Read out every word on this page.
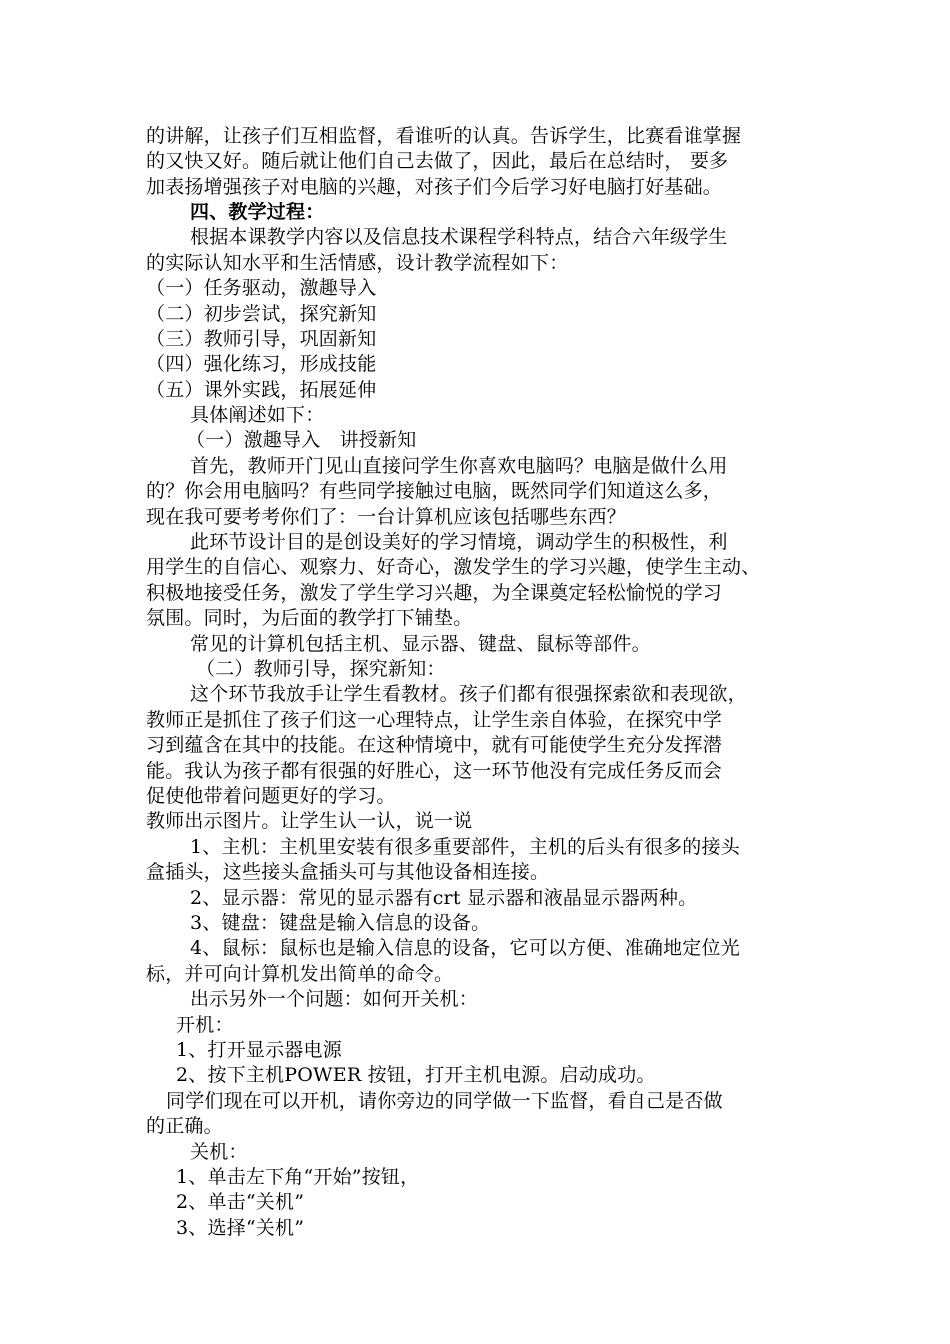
的讲解，让孩子们互相监督，看谁听的认真。告诉学生，比赛看谁掌握
的又快又好。随后就让他们自己去做了，因此，最后在总结时， 要多
加表扬增强孩子对电脑的兴趣，对孩子们今后学习好电脑打好基础。
四、教学过程：
根据本课教学内容以及信息技术课程学科特点，结合六年级学生
的实际认知水平和生活情感，设计教学流程如下：
（一）任务驱动，激趣导入
（二）初步尝试，探究新知
（三）教师引导，巩固新知
（四）强化练习，形成技能
（五）课外实践，拓展延伸
具体阐述如下：
（一）激趣导入　讲授新知
首先，教师开门见山直接问学生你喜欢电脑吗？电脑是做什么用
的？你会用电脑吗？有些同学接触过电脑，既然同学们知道这么多，
现在我可要考考你们了：一台计算机应该包括哪些东西？
此环节设计目的是创设美好的学习情境，调动学生的积极性，利
用学生的自信心、观察力、好奇心，激发学生的学习兴趣，使学生主动、
积极地接受任务，激发了学生学习兴趣，为全课奠定轻松愉悦的学习
氛围。同时，为后面的教学打下铺垫。
常见的计算机包括主机、显示器、键盘、鼠标等部件。
（二）教师引导，探究新知：
这个环节我放手让学生看教材。孩子们都有很强探索欲和表现欲，
教师正是抓住了孩子们这一心理特点，让学生亲自体验，在探究中学
习到蕴含在其中的技能。在这种情境中，就有可能使学生充分发挥潜
能。我认为孩子都有很强的好胜心，这一环节他没有完成任务反而会
促使他带着问题更好的学习。
教师出示图片。让学生认一认，说一说
1、主机：主机里安装有很多重要部件，主机的后头有很多的接头
盒插头，这些接头盒插头可与其他设备相连接。
2、显示器：常见的显示器有crt 显示器和液晶显示器两种。
3、键盘：键盘是输入信息的设备。
4、鼠标：鼠标也是输入信息的设备，它可以方便、准确地定位光
标，并可向计算机发出简单的命令。
出示另外一个问题：如何开关机：
开机：
1、打开显示器电源
2、按下主机POWER 按钮，打开主机电源。启动成功。
同学们现在可以开机，请你旁边的同学做一下监督，看自己是否做
的正确。
关机：
1、单击左下角“开始”按钮，
2、单击“关机”
3、选择“关机”
